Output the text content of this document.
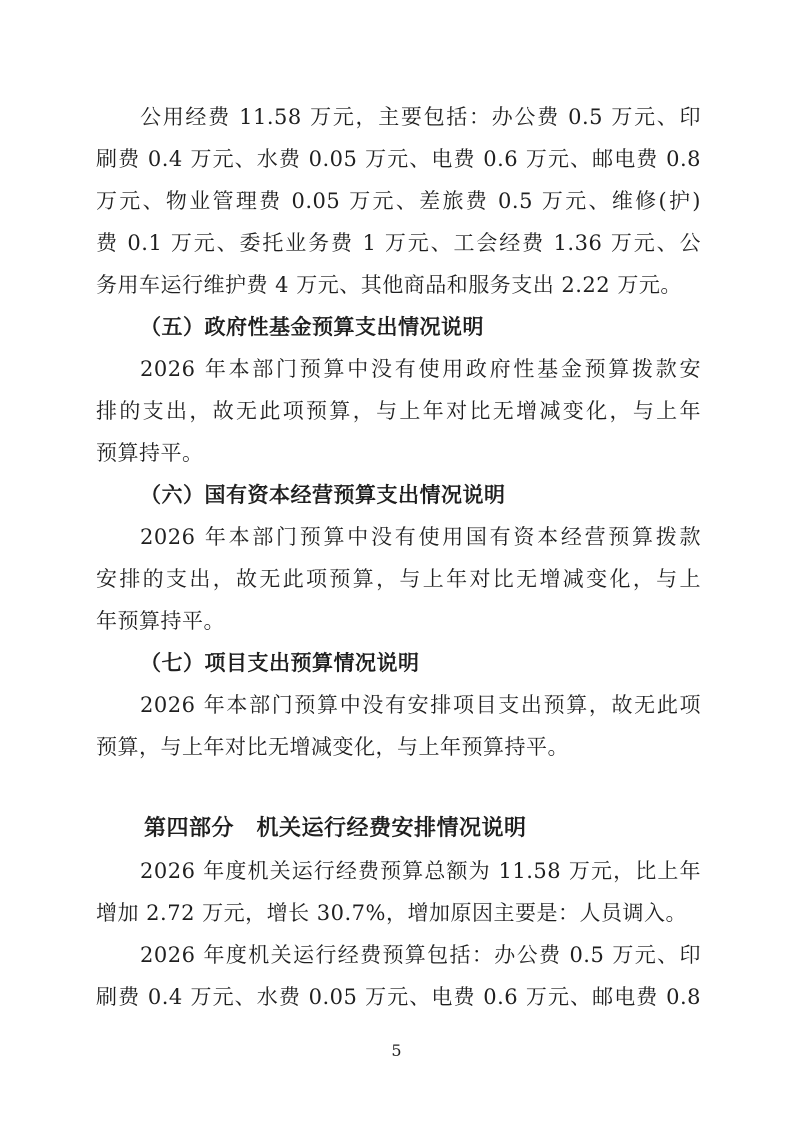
公用经费 11.58 万元，主要包括：办公费 0.5 万元、印
刷费 0.4 万元、水费 0.05 万元、电费 0.6 万元、邮电费 0.8
万元、物业管理费 0.05 万元、差旅费 0.5 万元、维修(护)
费 0.1 万元、委托业务费 1 万元、工会经费 1.36 万元、公
务用车运行维护费 4 万元、其他商品和服务支出 2.22 万元。
（五）政府性基金预算支出情况说明
2026 年本部门预算中没有使用政府性基金预算拨款安
排的支出，故无此项预算，与上年对比无增减变化，与上年
预算持平。
（六）国有资本经营预算支出情况说明
2026 年本部门预算中没有使用国有资本经营预算拨款
安排的支出，故无此项预算，与上年对比无增减变化，与上
年预算持平。
（七）项目支出预算情况说明
2026 年本部门预算中没有安排项目支出预算，故无此项
预算，与上年对比无增减变化，与上年预算持平。
第四部分　机关运行经费安排情况说明
2026 年度机关运行经费预算总额为 11.58 万元，比上年
增加 2.72 万元，增长 30.7%，增加原因主要是：人员调入。
2026 年度机关运行经费预算包括：办公费 0.5 万元、印
刷费 0.4 万元、水费 0.05 万元、电费 0.6 万元、邮电费 0.8
5
